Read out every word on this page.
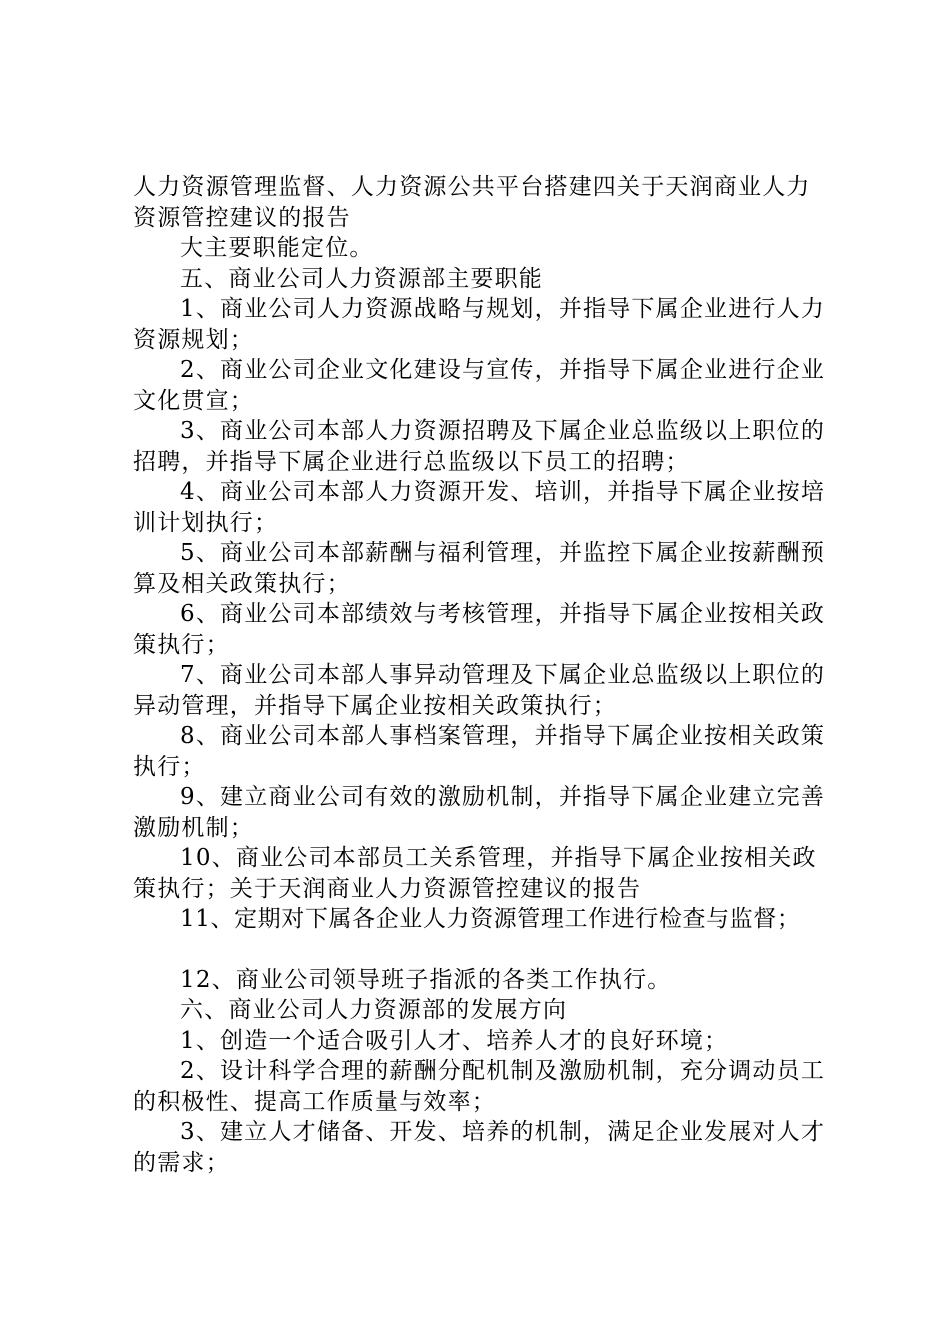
人力资源管理监督、人力资源公共平台搭建四关于天润商业人力资源管控建议的报告

大主要职能定位。

五、商业公司人力资源部主要职能

1、商业公司人力资源战略与规划，并指导下属企业进行人力资源规划；

2、商业公司企业文化建设与宣传，并指导下属企业进行企业文化贯宣；

3、商业公司本部人力资源招聘及下属企业总监级以上职位的招聘，并指导下属企业进行总监级以下员工的招聘；

4、商业公司本部人力资源开发、培训，并指导下属企业按培训计划执行；

5、商业公司本部薪酬与福利管理，并监控下属企业按薪酬预算及相关政策执行；

6、商业公司本部绩效与考核管理，并指导下属企业按相关政策执行；

7、商业公司本部人事异动管理及下属企业总监级以上职位的异动管理，并指导下属企业按相关政策执行；

8、商业公司本部人事档案管理，并指导下属企业按相关政策执行；

9、建立商业公司有效的激励机制，并指导下属企业建立完善激励机制；

10、商业公司本部员工关系管理，并指导下属企业按相关政策执行；关于天润商业人力资源管控建议的报告

11、定期对下属各企业人力资源管理工作进行检查与监督；

12、商业公司领导班子指派的各类工作执行。

六、商业公司人力资源部的发展方向

1、创造一个适合吸引人才、培养人才的良好环境；

2、设计科学合理的薪酬分配机制及激励机制，充分调动员工的积极性、提高工作质量与效率；

3、建立人才储备、开发、培养的机制，满足企业发展对人才的需求；
